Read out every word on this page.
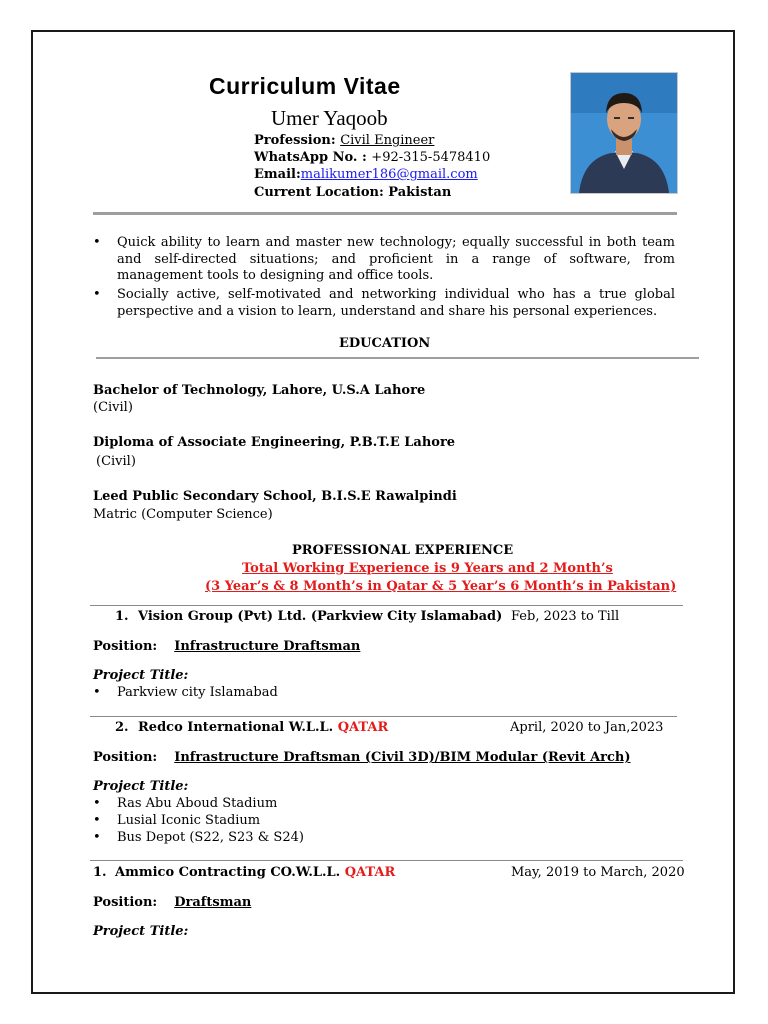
Curriculum Vitae
Umer Yaqoob
Profession: Civil Engineer
WhatsApp No. : +92-315-5478410
Email:malikumer186@gmail.com
Current Location: Pakistan
• Quick ability to learn and master new technology; equally successful in both team and self-directed situations; and proficient in a range of software, from management tools to designing and office tools.
• Socially active, self-motivated and networking individual who has a true global perspective and a vision to learn, understand and share his personal experiences.
EDUCATION
Bachelor of Technology, Lahore, U.S.A Lahore
(Civil)
Diploma of Associate Engineering, P.B.T.E Lahore
(Civil)
Leed Public Secondary School, B.I.S.E Rawalpindi
Matric (Computer Science)
PROFESSIONAL EXPERIENCE
Total Working Experience is 9 Years and 2 Month’s
(3 Year’s & 8 Month’s in Qatar & 5 Year’s 6 Month’s in Pakistan)
1. Vision Group (Pvt) Ltd. (Parkview City Islamabad) Feb, 2023 to Till
Position: Infrastructure Draftsman
Project Title:
• Parkview city Islamabad
2. Redco International W.L.L. QATAR	April, 2020 to Jan,2023
Position: Infrastructure Draftsman (Civil 3D)/BIM Modular (Revit Arch)
Project Title:
• Ras Abu Aboud Stadium
• Lusial Iconic Stadium
• Bus Depot (S22, S23 & S24)
1. Ammico Contracting CO.W.L.L. QATAR	May, 2019 to March, 2020
Position: Draftsman
Project Title:
